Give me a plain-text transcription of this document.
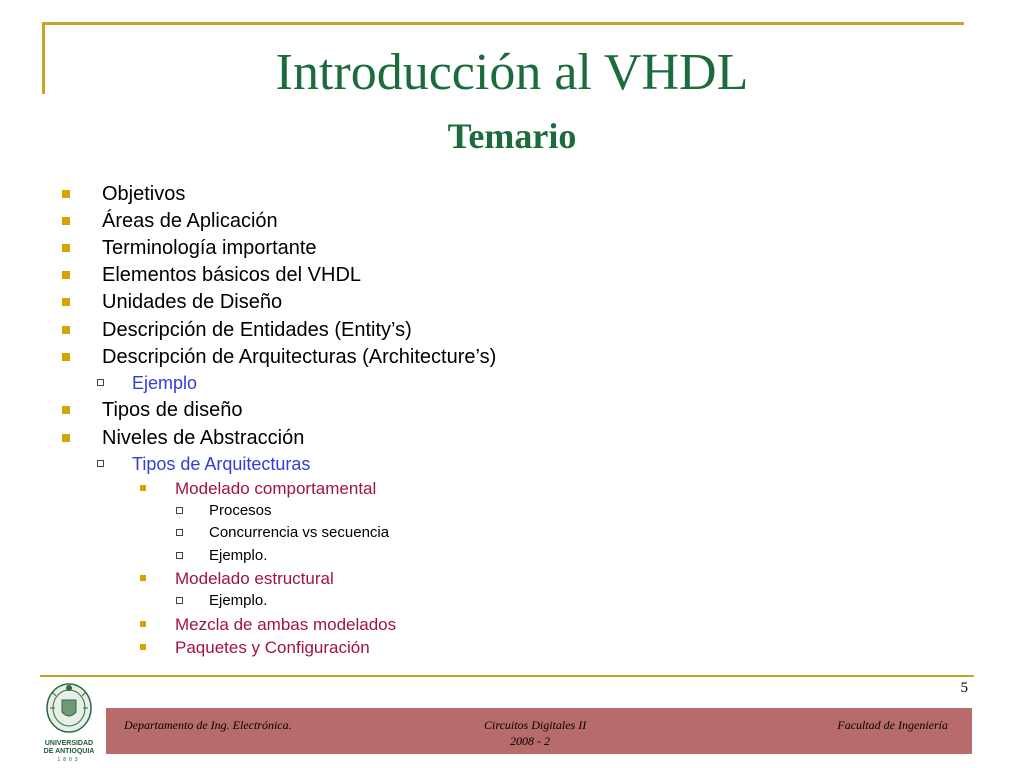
Introducción al VHDL
Temario
Objetivos
Áreas de Aplicación
Terminología importante
Elementos básicos del VHDL
Unidades de Diseño
Descripción de Entidades (Entity’s)
Descripción de Arquitecturas (Architecture’s)
Ejemplo
Tipos de diseño
Niveles de Abstracción
Tipos de Arquitecturas
Modelado comportamental
Procesos
Concurrencia vs secuencia
Ejemplo.
Modelado estructural
Ejemplo.
Mezcla de ambas modelados
Paquetes y Configuración
5
UNIVERSIDAD
DE ANTIOQUIA
1803
Departamento de Ing. Electrónica.	Circuitos Digitales II
2008 - 2
Facultad de Ingeniería
